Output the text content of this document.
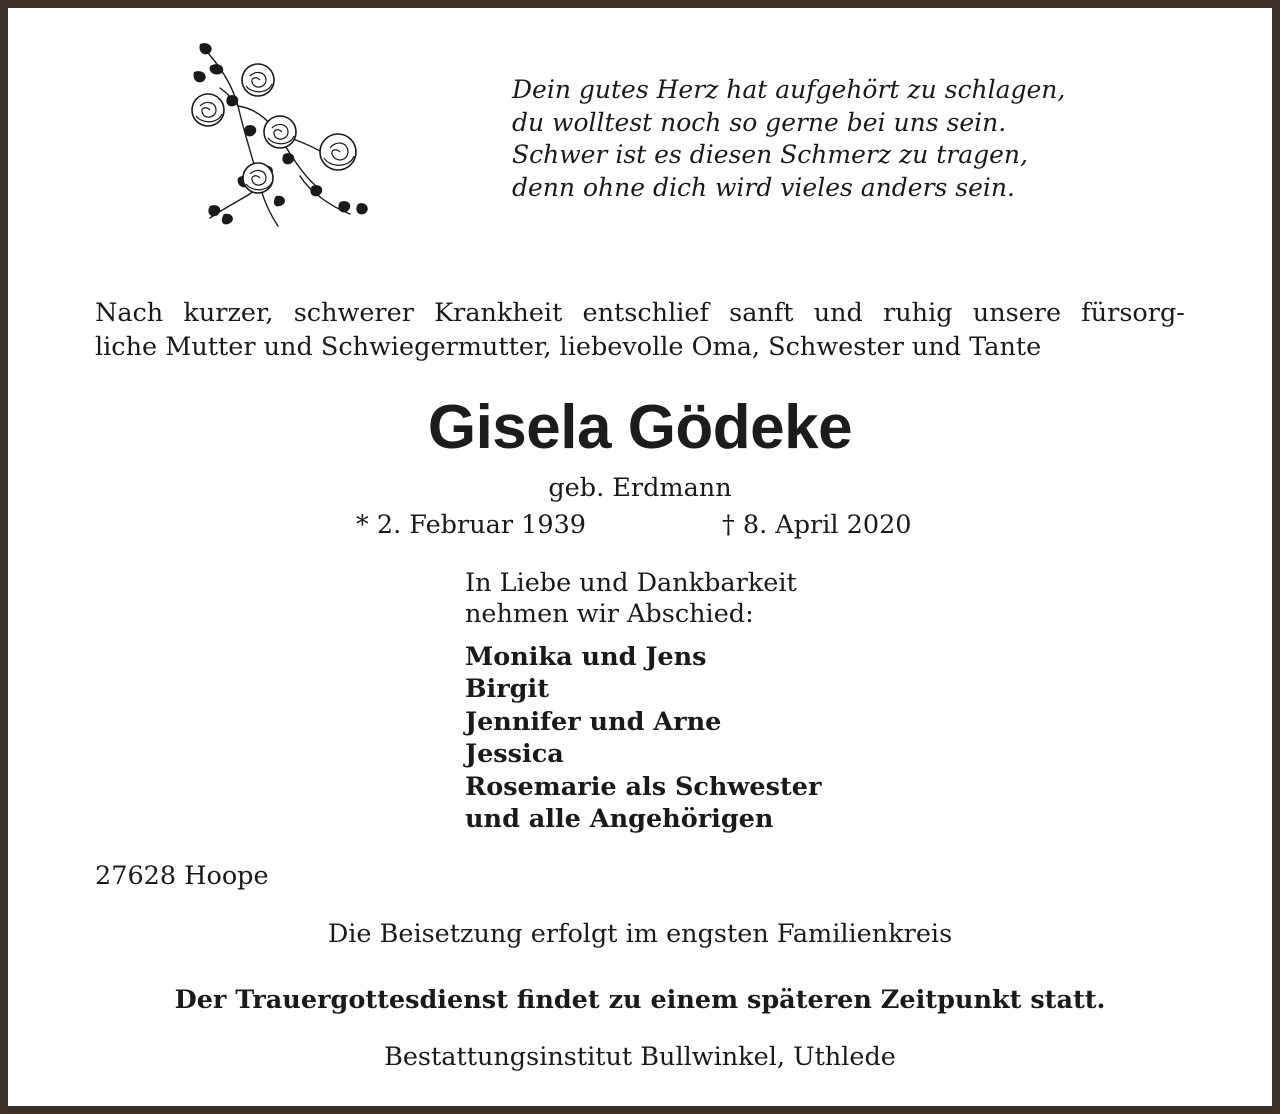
Dein gutes Herz hat aufgehört zu schlagen,
du wolltest noch so gerne bei uns sein.
Schwer ist es diesen Schmerz zu tragen,
denn ohne dich wird vieles anders sein.
Nach kurzer, schwerer Krankheit entschlief sanft und ruhig unsere fürsorg-
liche Mutter und Schwiegermutter, liebevolle Oma, Schwester und Tante
Gisela Gödeke
geb. Erdmann
* 2. Februar 1939	† 8. April 2020
In Liebe und Dankbarkeit
nehmen wir Abschied:
Monika und Jens
Birgit
Jennifer und Arne
Jessica
Rosemarie als Schwester
und alle Angehörigen
27628 Hoope
Die Beisetzung erfolgt im engsten Familienkreis
Der Trauergottesdienst findet zu einem späteren Zeitpunkt statt.
Bestattungsinstitut Bullwinkel, Uthlede
